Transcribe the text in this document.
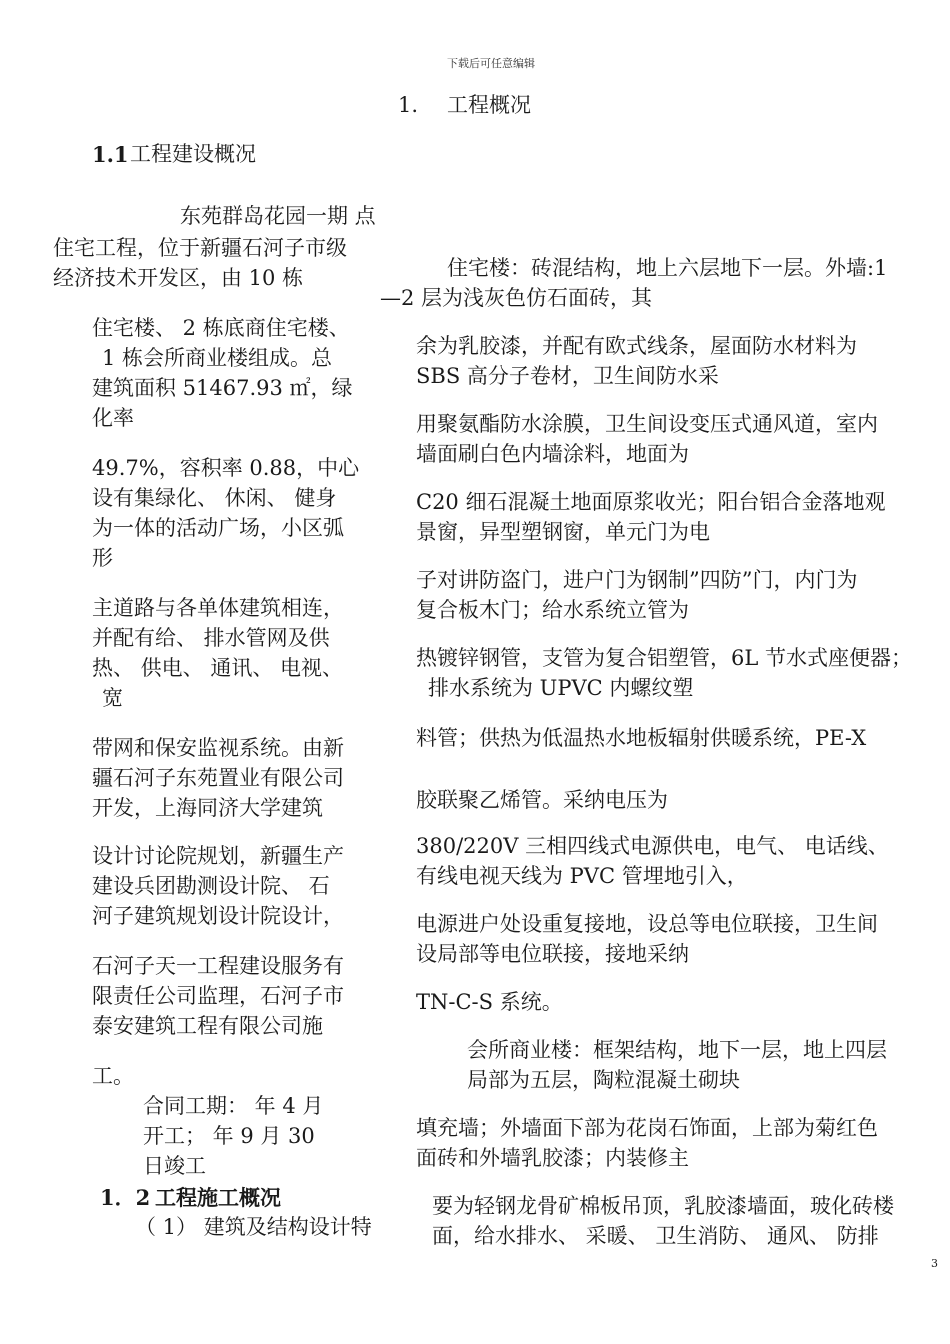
下载后可任意编辑
1. 工程概况
1.1 工程建设概况
东苑群岛花园一期 点
住宅工程，位于新疆石河子市级
经济技术开发区，由 10 栋
住宅楼、 2 栋底商住宅楼、
1 栋会所商业楼组成。总
建筑面积 51467.93 ㎡，绿
化率
49.7%，容积率 0.88，中心
设有集绿化、 休闲、 健身
为一体的活动广场，小区弧
形
主道路与各单体建筑相连，
并配有给、 排水管网及供
热、 供电、 通讯、 电视、
宽
带网和保安监视系统。由新
疆石河子东苑置业有限公司
开发，上海同济大学建筑
设计讨论院规划，新疆生产
建设兵团勘测设计院、 石
河子建筑规划设计院设计，
石河子天一工程建设服务有
限责任公司监理，石河子市
泰安建筑工程有限公司施
工。
合同工期： 年 4 月
开工； 年 9 月 30
日竣工
1．2 工程施工概况
（ 1） 建筑及结构设计特
住宅楼：砖混结构，地上六层地下一层。外墙:1
—2 层为浅灰色仿石面砖，其
余为乳胶漆，并配有欧式线条，屋面防水材料为
SBS 高分子卷材，卫生间防水采
用聚氨酯防水涂膜，卫生间设变压式通风道，室内
墙面刷白色内墙涂料，地面为
C20 细石混凝土地面原浆收光；阳台铝合金落地观
景窗，异型塑钢窗，单元门为电
子对讲防盗门，进户门为钢制”四防”门，内门为
复合板木门；给水系统立管为
热镀锌钢管，支管为复合铝塑管，6L 节水式座便器；
排水系统为 UPVC 内螺纹塑
料管；供热为低温热水地板辐射供暖系统，PE-X
胶联聚乙烯管。采纳电压为
380/220V 三相四线式电源供电，电气、 电话线、
有线电视天线为 PVC 管埋地引入，
电源进户处设重复接地，设总等电位联接，卫生间
设局部等电位联接，接地采纳
TN-C-S 系统。
会所商业楼：框架结构，地下一层，地上四层
局部为五层，陶粒混凝土砌块
填充墙；外墙面下部为花岗石饰面，上部为菊红色
面砖和外墙乳胶漆；内装修主
要为轻钢龙骨矿棉板吊顶，乳胶漆墙面，玻化砖楼
面，给水排水、 采暖、 卫生消防、 通风、 防排
3
